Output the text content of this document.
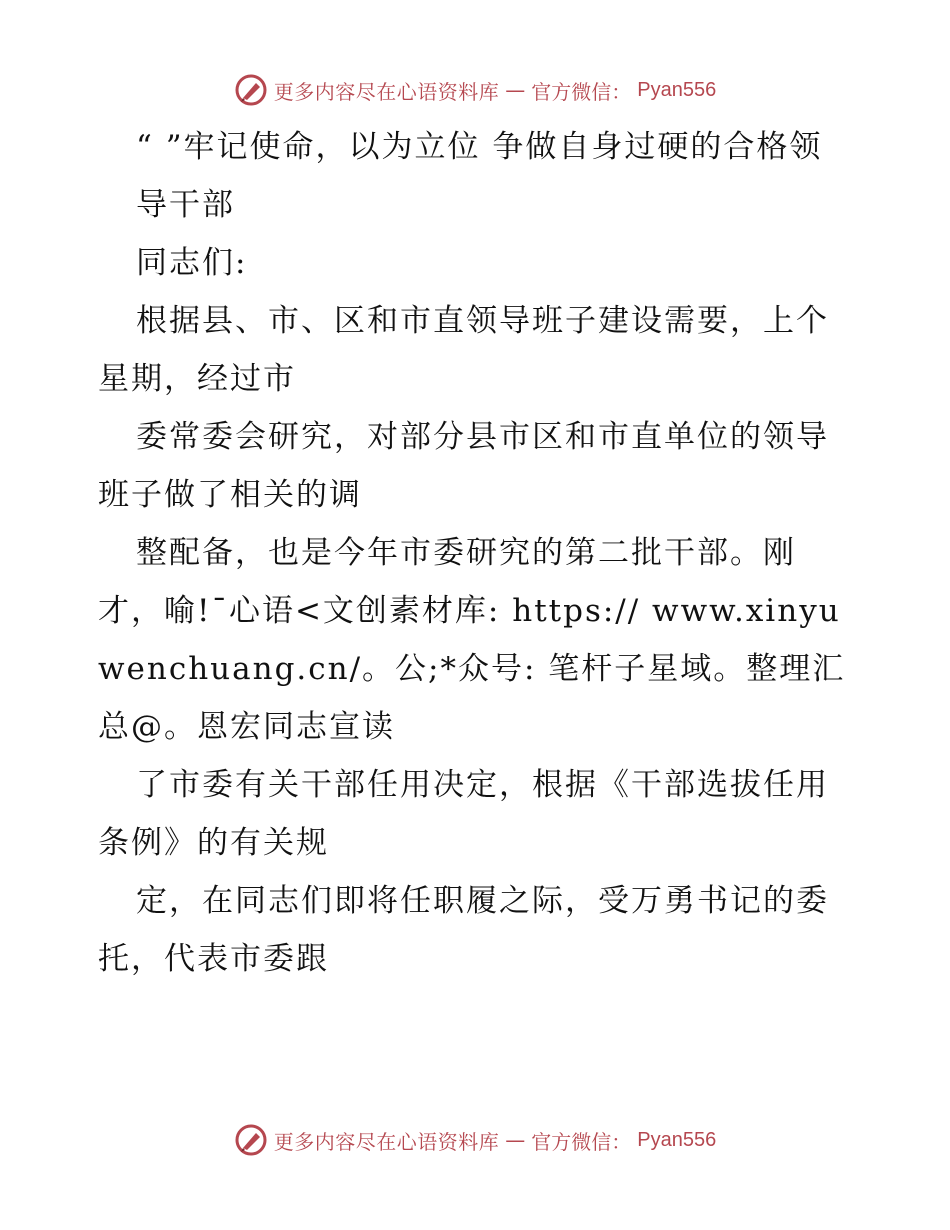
更多内容尽在心语资料库 — 官方微信： Pyan556

“ ”牢记使命，以为立位 争做自身过硬的合格领

导干部

同志们:

根据县、市、区和市直领导班子建设需要，上个星期，经过市

委常委会研究，对部分县市区和市直单位的领导班子做了相关的调

整配备，也是今年市委研究的第二批干部。刚才，喻!¯心语<文创素材库: https:// www.xinyuwenchuang.cn/。公;*众号: 笔杆子星域。整理汇总@。恩宏同志宣读

了市委有关干部任用决定，根据《干部选拔任用条例》的有关规

定，在同志们即将任职履之际，受万勇书记的委托，代表市委跟

更多内容尽在心语资料库 — 官方微信： Pyan556
